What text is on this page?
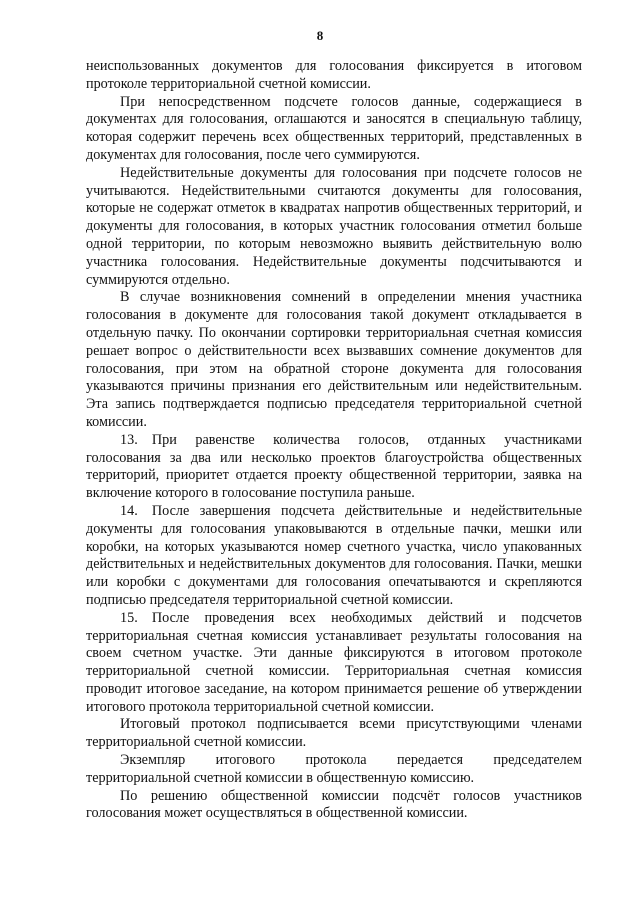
8

неиспользованных документов для голосования фиксируется в итоговом протоколе территориальной счетной комиссии.

При непосредственном подсчете голосов данные, содержащиеся в документах для голосования, оглашаются и заносятся в специальную таблицу, которая содержит перечень всех общественных территорий, представленных в документах для голосования, после чего суммируются.

Недействительные документы для голосования при подсчете голосов не учитываются. Недействительными считаются документы для голосования, которые не содержат отметок в квадратах напротив общественных территорий, и документы для голосования, в которых участник голосования отметил больше одной территории, по которым невозможно выявить действительную волю участника голосования. Недействительные документы подсчитываются и суммируются отдельно.

В случае возникновения сомнений в определении мнения участника голосования в документе для голосования такой документ откладывается в отдельную пачку. По окончании сортировки территориальная счетная комиссия решает вопрос о действительности всех вызвавших сомнение документов для голосования, при этом на обратной стороне документа для голосования указываются причины признания его действительным или недействительным. Эта запись подтверждается подписью председателя территориальной счетной комиссии.

13. При равенстве количества голосов, отданных участниками голосования за два или несколько проектов благоустройства общественных территорий, приоритет отдается проекту общественной территории, заявка на включение которого в голосование поступила раньше.

14. После завершения подсчета действительные и недействительные документы для голосования упаковываются в отдельные пачки, мешки или коробки, на которых указываются номер счетного участка, число упакованных действительных и недействительных документов для голосования. Пачки, мешки или коробки с документами для голосования опечатываются и скрепляются подписью председателя территориальной счетной комиссии.

15. После проведения всех необходимых действий и подсчетов территориальная счетная комиссия устанавливает результаты голосования на своем счетном участке. Эти данные фиксируются в итоговом протоколе территориальной счетной комиссии. Территориальная счетная комиссия проводит итоговое заседание, на котором принимается решение об утверждении итогового протокола территориальной счетной комиссии.

Итоговый протокол подписывается всеми присутствующими членами территориальной счетной комиссии.

Экземпляр итогового протокола передается председателем территориальной счетной комиссии в общественную комиссию.

По решению общественной комиссии подсчёт голосов участников голосования может осуществляться в общественной комиссии.
